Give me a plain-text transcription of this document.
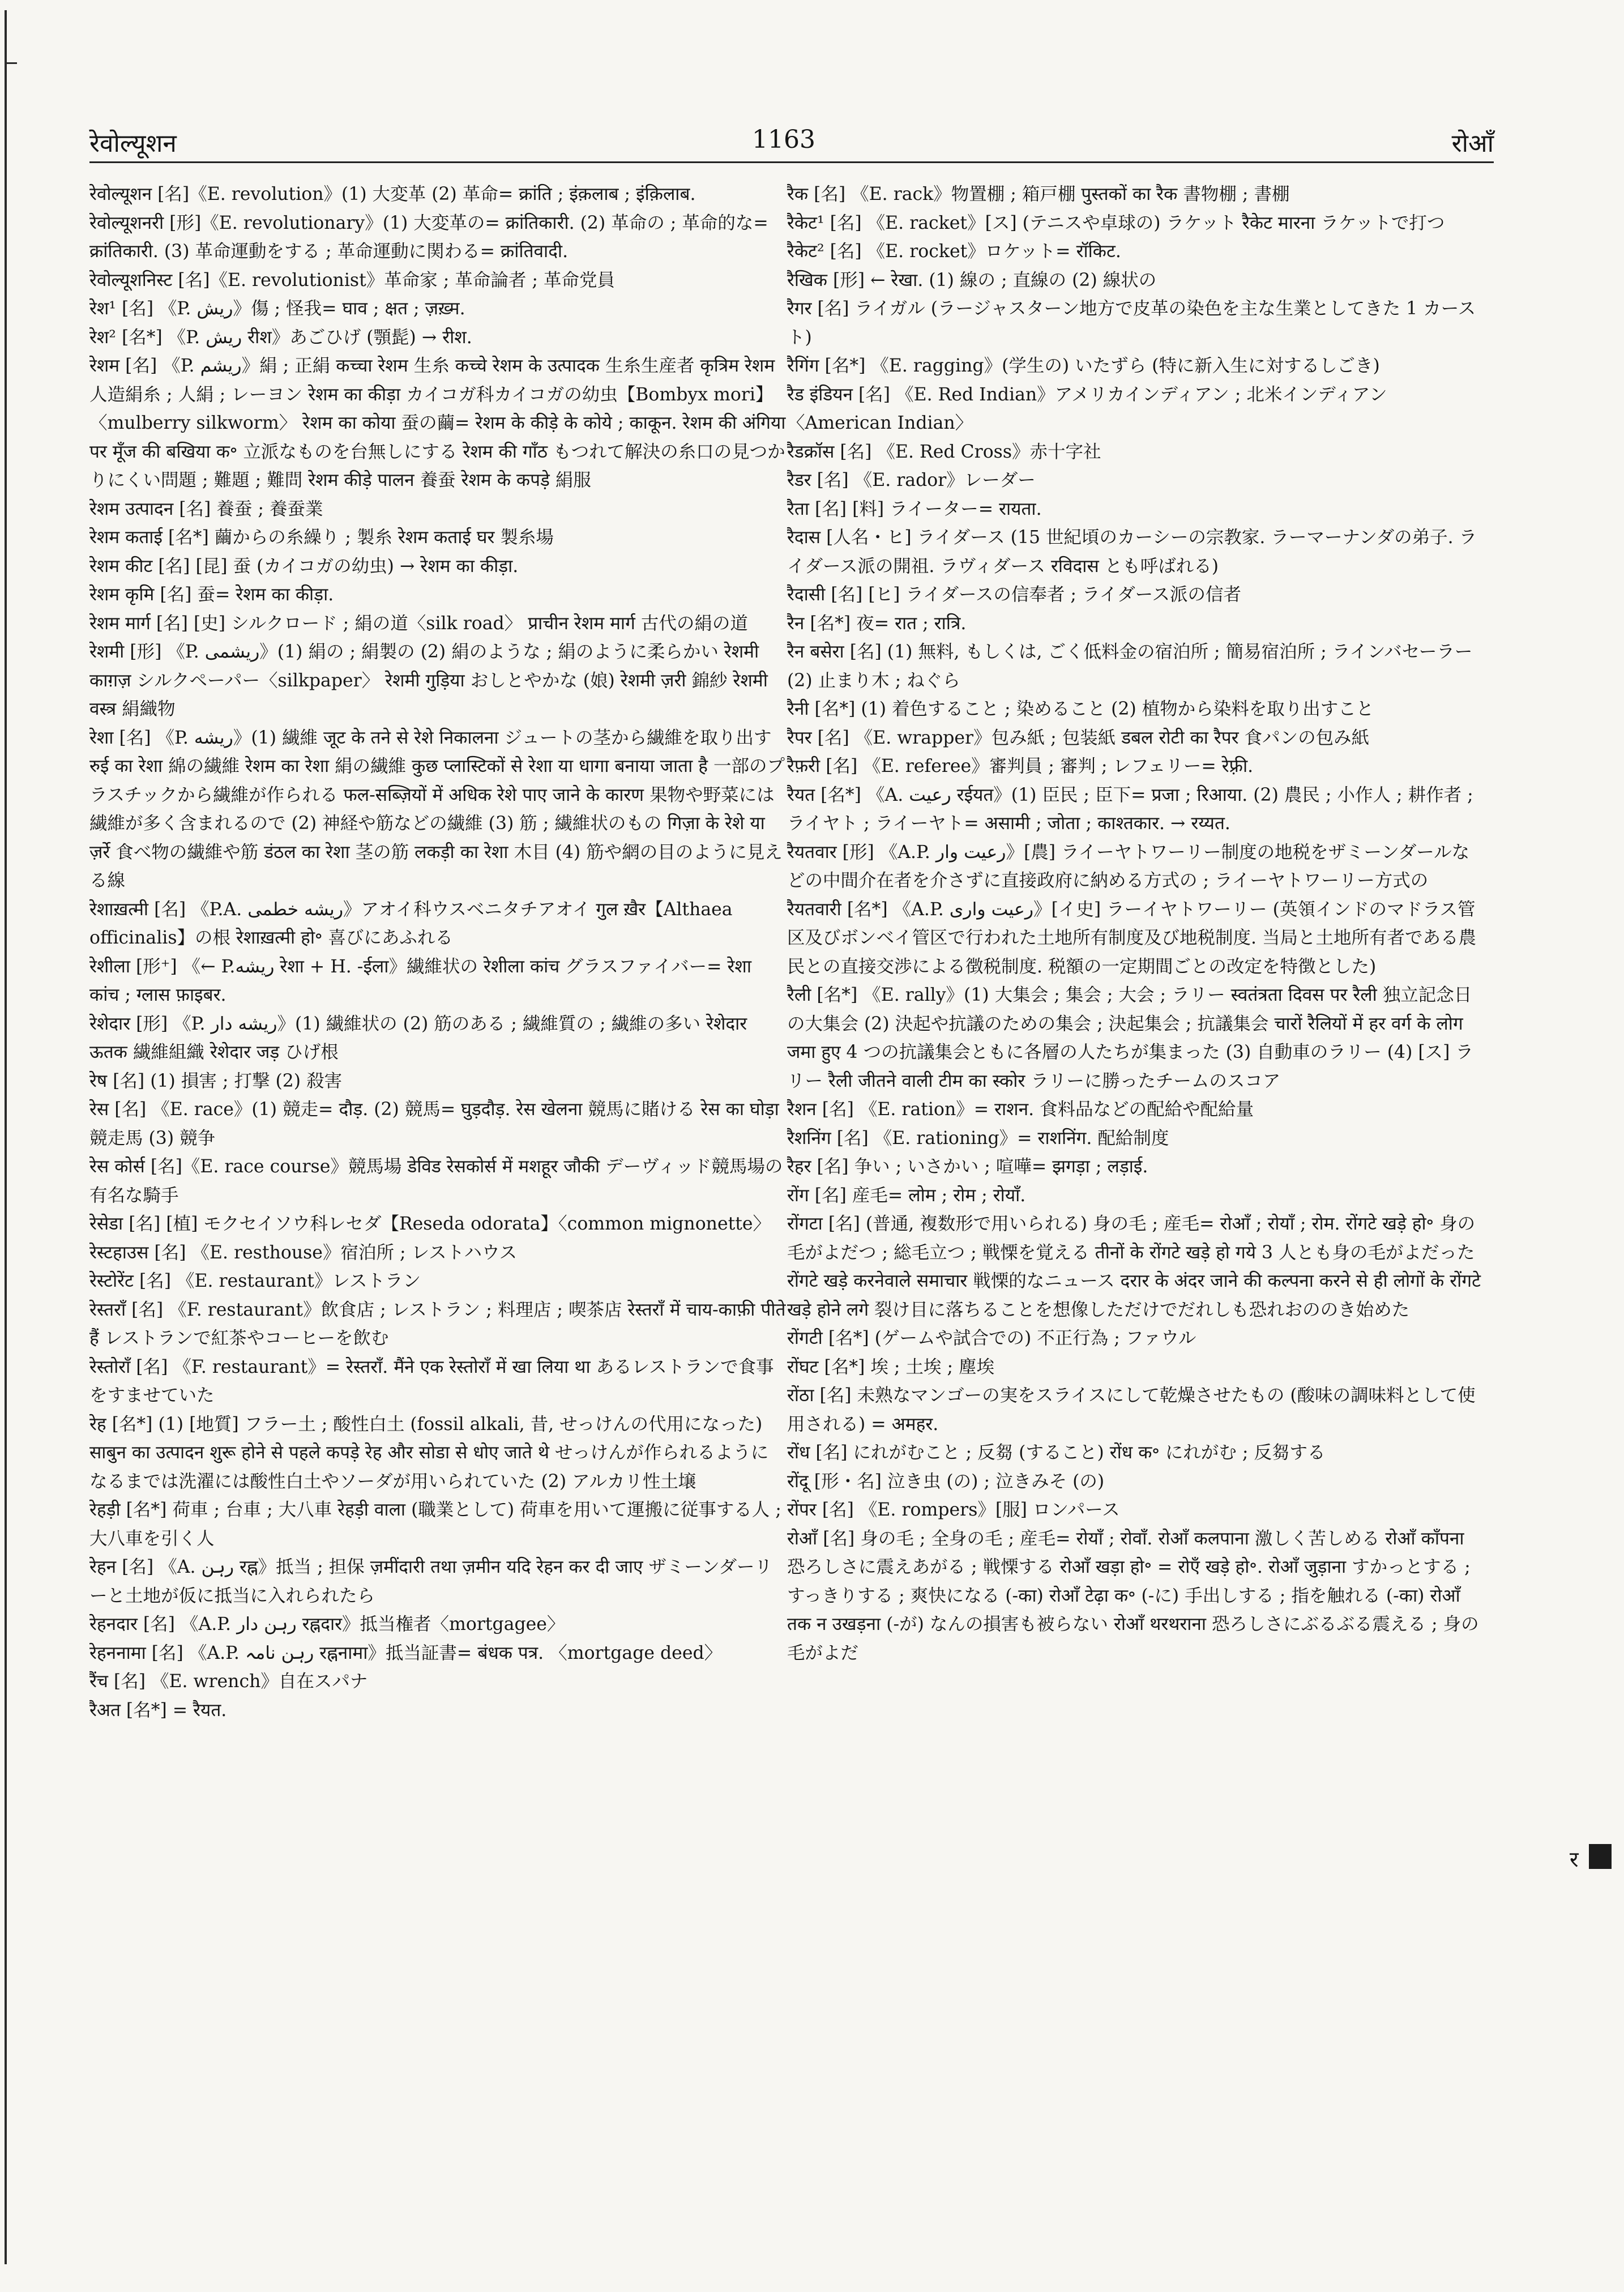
रेवोल्यूशन	1163	रोआँ
रेवोल्यूशन [名]《E. revolution》(1) 大変革 (2) 革命= क्रांति ; इंक़लाब ; इंक़िलाब.
रेवोल्यूशनरी [形]《E. revolutionary》(1) 大変革の= क्रांतिकारी. (2) 革命の ; 革命的な= क्रांतिकारी. (3) 革命運動をする ; 革命運動に関わる= क्रांतिवादी.
रेवोल्यूशनिस्ट [名]《E. revolutionist》革命家 ; 革命論者 ; 革命党員
रेश¹ [名] 《P. ریش》傷 ; 怪我= घाव ; क्षत ; ज़ख़्म.
रेश² [名*] 《P. ریش रीश》あごひげ (顎髭) → रीश.
रेशम [名] 《P. ریشم》絹 ; 正絹 कच्चा रेशम 生糸 कच्चे रेशम के उत्पादक 生糸生産者 कृत्रिम रेशम 人造絹糸 ; 人絹 ; レーヨン रेशम का कीड़ा カイコガ科カイコガの幼虫【Bombyx mori】〈mulberry silkworm〉 रेशम का कोया 蚕の繭= रेशम के कीड़े के कोये ; काकून. रेशम की अंगिया पर मूँज की बखिया क॰ 立派なものを台無しにする रेशम की गाँठ もつれて解決の糸口の見つかりにくい問題 ; 難題 ; 難問 रेशम कीड़े पालन 養蚕 रेशम के कपड़े 絹服
रेशम उत्पादन [名] 養蚕 ; 養蚕業
रेशम कताई [名*] 繭からの糸繰り ; 製糸 रेशम कताई घर 製糸場
रेशम कीट [名] [昆] 蚕 (カイコガの幼虫) → रेशम का कीड़ा.
रेशम कृमि [名] 蚕= रेशम का कीड़ा.
रेशम मार्ग [名] [史] シルクロード ; 絹の道〈silk road〉 प्राचीन रेशम मार्ग 古代の絹の道
रेशमी [形] 《P. ریشمی》(1) 絹の ; 絹製の (2) 絹のような ; 絹のように柔らかい रेशमी काग़ज़ シルクペーパー〈silkpaper〉 रेशमी गुड़िया おしとやかな (娘) रेशमी ज़री 錦紗 रेशमी वस्त्र 絹織物
रेशा [名] 《P. ریشه》(1) 繊維 जूट के तने से रेशे निकालना ジュートの茎から繊維を取り出す रुई का रेशा 綿の繊維 रेशम का रेशा 絹の繊維 कुछ प्लास्टिकों से रेशा या धागा बनाया जाता है 一部のプラスチックから繊維が作られる फल-सब्ज़ियों में अधिक रेशे पाए जाने के कारण 果物や野菜には繊維が多く含まれるので (2) 神経や筋などの繊維 (3) 筋 ; 繊維状のもの गिज़ा के रेशे या ज़र्रे 食べ物の繊維や筋 डंठल का रेशा 茎の筋 लकड़ी का रेशा 木目 (4) 筋や網の目のように見える線
रेशाख़त्मी [名] 《P.A. ریشه خطمی》アオイ科ウスベニタチアオイ गुल ख़ैर【Althaea officinalis】の根 रेशाख़त्मी हो॰ 喜びにあふれる
रेशीला [形⁺] 《← P.ریشه रेशा + H. -ईला》繊維状の रेशीला कांच グラスファイバー= रेशा कांच ; ग्लास फ़ाइबर.
रेशेदार [形] 《P. ریشه دار》(1) 繊維状の (2) 筋のある ; 繊維質の ; 繊維の多い रेशेदार ऊतक 繊維組織 रेशेदार जड़ ひげ根
रेष [名] (1) 損害 ; 打撃 (2) 殺害
रेस [名] 《E. race》(1) 競走= दौड़. (2) 競馬= घुड़दौड़. रेस खेलना 競馬に賭ける रेस का घोड़ा 競走馬 (3) 競争
रेस कोर्स [名]《E. race course》競馬場 डेविड रेसकोर्स में मशहूर जौकी デーヴィッド競馬場の有名な騎手
रेसेडा [名] [植] モクセイソウ科レセダ【Reseda odorata】〈common mignonette〉
रेस्टहाउस [名] 《E. resthouse》宿泊所 ; レストハウス
रेस्टोरेंट [名] 《E. restaurant》レストラン
रेस्तराँ [名] 《F. restaurant》飲食店 ; レストラン ; 料理店 ; 喫茶店 रेस्तराँ में चाय-काफ़ी पीते हैं レストランで紅茶やコーヒーを飲む
रेस्तोराँ [名] 《F. restaurant》= रेस्तराँ. मैंने एक रेस्तोराँ में खा लिया था あるレストランで食事をすませていた
रेह [名*] (1) [地質] フラー土 ; 酸性白土 (fossil alkali, 昔, せっけんの代用になった) साबुन का उत्पादन शुरू होने से पहले कपड़े रेह और सोडा से धोए जाते थे せっけんが作られるようになるまでは洗濯には酸性白土やソーダが用いられていた (2) アルカリ性土壌
रेहड़ी [名*] 荷車 ; 台車 ; 大八車 रेहड़ी वाला (職業として) 荷車を用いて運搬に従事する人 ; 大八車を引く人
रेहन [名] 《A. رہن रह्न》抵当 ; 担保 ज़मींदारी तथा ज़मीन यदि रेहन कर दी जाए ザミーンダーリーと土地が仮に抵当に入れられたら
रेहनदार [名] 《A.P. رہن دار रह्नदार》抵当権者〈mortgagee〉
रेहननामा [名] 《A.P. رہن نامہ रह्ननामा》抵当証書= बंधक पत्र. 〈mortgage deed〉
रैंच [名] 《E. wrench》自在スパナ
रैअत [名*] = रैयत.
रैक [名] 《E. rack》物置棚 ; 箱戸棚 पुस्तकों का रैक 書物棚 ; 書棚
रैकेट¹ [名] 《E. racket》[ス] (テニスや卓球の) ラケット रैकेट मारना ラケットで打つ
रैकेट² [名] 《E. rocket》ロケット= रॉकिट.
रैखिक [形] ← रेखा. (1) 線の ; 直線の (2) 線状の
रैगर [名] ライガル (ラージャスターン地方で皮革の染色を主な生業としてきた 1 カースト)
रैगिंग [名*] 《E. ragging》(学生の) いたずら (特に新入生に対するしごき)
रैड इंडियन [名] 《E. Red Indian》アメリカインディアン ; 北米インディアン〈American Indian〉
रैडक्रॉस [名] 《E. Red Cross》赤十字社
रैडर [名] 《E. rador》レーダー
रैता [名] [料] ライーター= रायता.
रैदास [人名・ヒ] ライダース (15 世紀頃のカーシーの宗教家. ラーマーナンダの弟子. ライダース派の開祖. ラヴィダース रविदास とも呼ばれる)
रैदासी [名] [ヒ] ライダースの信奉者 ; ライダース派の信者
रैन [名*] 夜= रात ; रात्रि.
रैन बसेरा [名] (1) 無料, もしくは, ごく低料金の宿泊所 ; 簡易宿泊所 ; ラインバセーラー (2) 止まり木 ; ねぐら
रैनी [名*] (1) 着色すること ; 染めること (2) 植物から染料を取り出すこと
रैपर [名] 《E. wrapper》包み紙 ; 包装紙 डबल रोटी का रैपर 食パンの包み紙
रैफ़री [名] 《E. referee》審判員 ; 審判 ; レフェリー= रेफ़्री.
रैयत [名*] 《A. رعیت रईयत》(1) 臣民 ; 臣下= प्रजा ; रिआया. (2) 農民 ; 小作人 ; 耕作者 ; ライヤト ; ライーヤト= असामी ; जोता ; काश्तकार. → रय्यत.
रैयतवार [形] 《A.P. رعیت وار》[農] ライーヤトワーリー制度の地税をザミーンダールなどの中間介在者を介さずに直接政府に納める方式の ; ライーヤトワーリー方式の
रैयतवारी [名*] 《A.P. رعیت واری》[イ史] ラーイヤトワーリー (英領インドのマドラス管区及びボンベイ管区で行われた土地所有制度及び地税制度. 当局と土地所有者である農民との直接交渉による徴税制度. 税額の一定期間ごとの改定を特徴とした)
रैली [名*] 《E. rally》(1) 大集会 ; 集会 ; 大会 ; ラリー स्वतंत्रता दिवस पर रैली 独立記念日の大集会 (2) 決起や抗議のための集会 ; 決起集会 ; 抗議集会 चारों रैलियों में हर वर्ग के लोग जमा हुए 4 つの抗議集会ともに各層の人たちが集まった (3) 自動車のラリー (4) [ス] ラリー रैली जीतने वाली टीम का स्कोर ラリーに勝ったチームのスコア
रैशन [名] 《E. ration》= राशन. 食料品などの配給や配給量
रैशनिंग [名] 《E. rationing》= राशनिंग. 配給制度
रैहर [名] 争い ; いさかい ; 喧嘩= झगड़ा ; लड़ाई.
रोंग [名] 産毛= लोम ; रोम ; रोयाँ.
रोंगटा [名] (普通, 複数形で用いられる) 身の毛 ; 産毛= रोआँ ; रोयाँ ; रोम. रोंगटे खड़े हो॰ 身の毛がよだつ ; 総毛立つ ; 戦慄を覚える तीनों के रोंगटे खड़े हो गये 3 人とも身の毛がよだった रोंगटे खड़े करनेवाले समाचार 戦慄的なニュース दरार के अंदर जाने की कल्पना करने से ही लोगों के रोंगटे खड़े होने लगे 裂け目に落ちることを想像しただけでだれしも恐れおののき始めた
रोंगटी [名*] (ゲームや試合での) 不正行為 ; ファウル
रोंघट [名*] 埃 ; 土埃 ; 塵埃
रोंठा [名] 未熟なマンゴーの実をスライスにして乾燥させたもの (酸味の調味料として使用される) = अमहर.
रोंध [名] にれがむこと ; 反芻 (すること) रोंध क॰ にれがむ ; 反芻する
रोंदू [形・名] 泣き虫 (の) ; 泣きみそ (の)
रोंपर [名] 《E. rompers》[服] ロンパース
रोआँ [名] 身の毛 ; 全身の毛 ; 産毛= रोयाँ ; रोवाँ. रोआँ कलपाना 激しく苦しめる रोआँ काँपना 恐ろしさに震えあがる ; 戦慄する रोआँ खड़ा हो॰ = रोएँ खड़े हो॰. रोआँ जुड़ाना すかっとする ; すっきりする ; 爽快になる (-का) रोआँ टेढ़ा क॰ (-に) 手出しする ; 指を触れる (-का) रोआँ तक न उखड़ना (-が) なんの損害も被らない रोआँ थरथराना 恐ろしさにぶるぶる震える ; 身の毛がよだ
र
